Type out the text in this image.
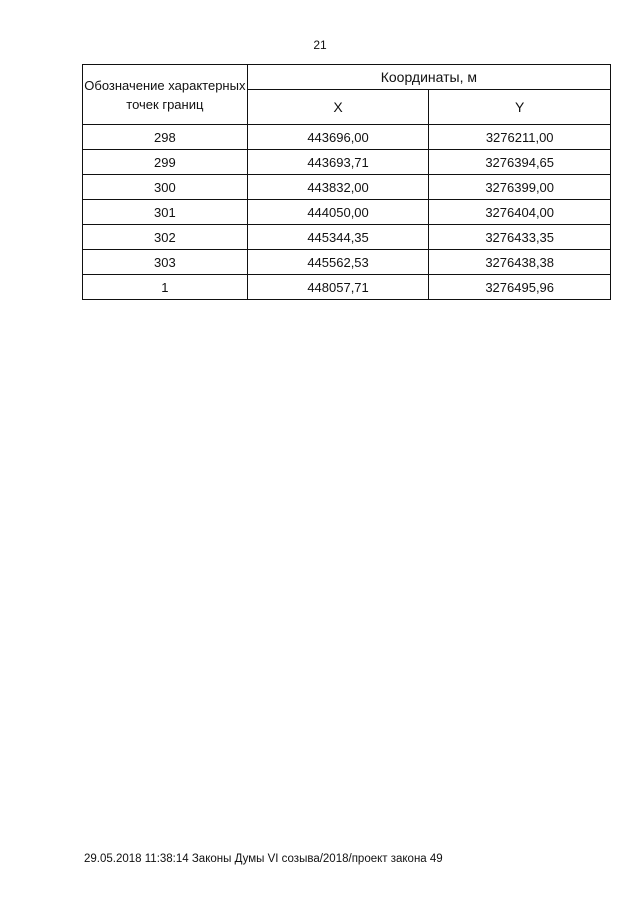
21
Обозначение характерных точек границ	Координаты, м	
	X	Y
298	443696,00	3276211,00
299	443693,71	3276394,65
300	443832,00	3276399,00
301	444050,00	3276404,00
302	445344,35	3276433,35
303	445562,53	3276438,38
1	448057,71	3276495,96
29.05.2018 11:38:14 Законы Думы VI созыва/2018/проект закона 49
